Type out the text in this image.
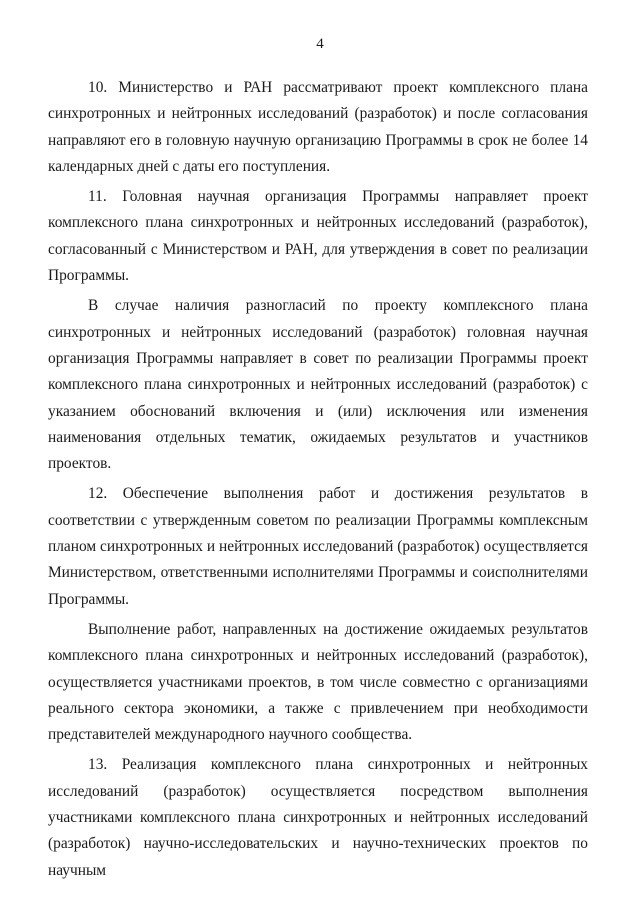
4

10. Министерство и РАН рассматривают проект комплексного плана синхротронных и нейтронных исследований (разработок) и после согласования направляют его в головную научную организацию Программы в срок не более 14 календарных дней с даты его поступления.

11. Головная научная организация Программы направляет проект комплексного плана синхротронных и нейтронных исследований (разработок), согласованный с Министерством и РАН, для утверждения в совет по реализации Программы.

В случае наличия разногласий по проекту комплексного плана синхротронных и нейтронных исследований (разработок) головная научная организация Программы направляет в совет по реализации Программы проект комплексного плана синхротронных и нейтронных исследований (разработок) с указанием обоснований включения и (или) исключения или изменения наименования отдельных тематик, ожидаемых результатов и участников проектов.

12. Обеспечение выполнения работ и достижения результатов в соответствии с утвержденным советом по реализации Программы комплексным планом синхротронных и нейтронных исследований (разработок) осуществляется Министерством, ответственными исполнителями Программы и соисполнителями Программы.

Выполнение работ, направленных на достижение ожидаемых результатов комплексного плана синхротронных и нейтронных исследований (разработок), осуществляется участниками проектов, в том числе совместно с организациями реального сектора экономики, а также с привлечением при необходимости представителей международного научного сообщества.

13. Реализация комплексного плана синхротронных и нейтронных исследований (разработок) осуществляется посредством выполнения участниками комплексного плана синхротронных и нейтронных исследований (разработок) научно-исследовательских и научно-технических проектов по научным
